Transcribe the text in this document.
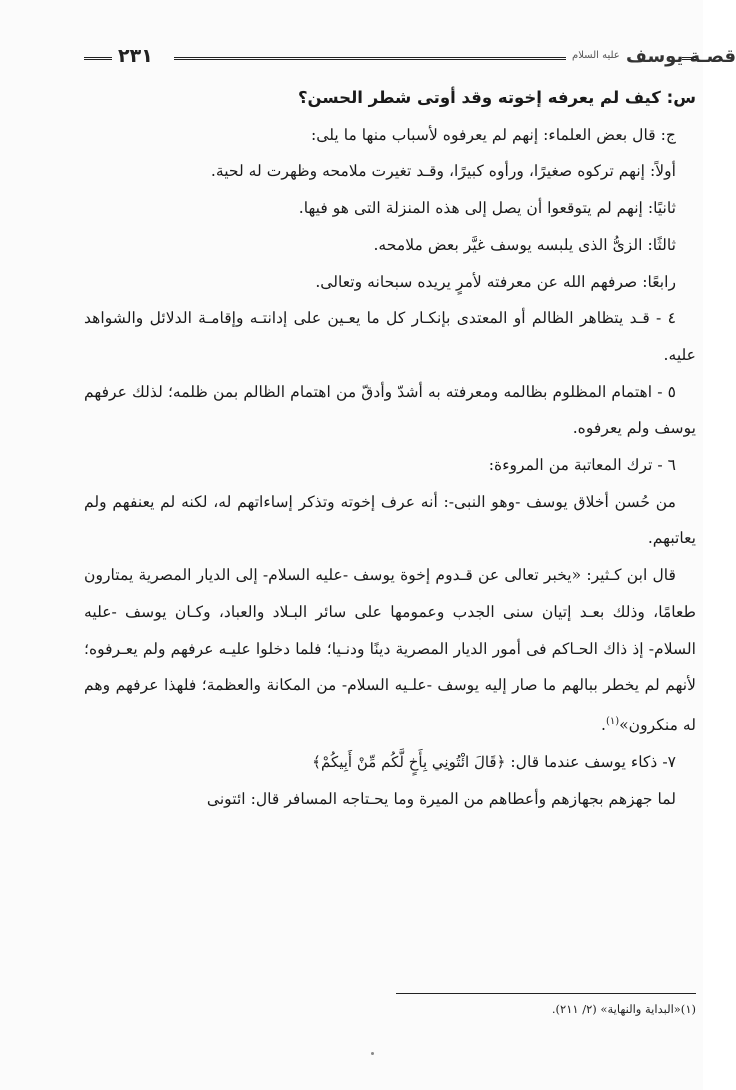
٢٣١	قصـة يوسف $^{عليه السلام}$

س: كيف لم يعرفه إخوته وقد أوتى شطر الحسن؟

ج: قال بعض العلماء: إنهم لم يعرفوه لأسباب منها ما يلى:

أولاً: إنهم تركوه صغيرًا، ورأوه كبيرًا، وقـد تغيرت ملامحه وظهرت له لحية.

ثانيًا: إنهم لم يتوقعوا أن يصل إلى هذه المنزلة التى هو فيها.

ثالثًا: الزىُّ الذى يلبسه يوسف غيَّر بعض ملامحه.

رابعًا: صرفهم الله عن معرفته لأمرٍ يريده سبحانه وتعالى.

٤ - قـد يتظاهر الظالم أو المعتدى بإنكـار كل ما يعـين على إدانتـه وإقامـة الدلائل والشواهد عليه.

٥ - اهتمام المظلوم بظالمه ومعرفته به أشدّ وأدقّ من اهتمام الظالم بمن ظلمه؛ لذلك عرفهم يوسف ولم يعرفوه.

٦ - ترك المعاتبة من المروءة:

من حُسن أخلاق يوسف -وهو النبى-: أنه عرف إخوته وتذكر إساءاتهم له، لكنه لم يعنفهم ولم يعاتبهم.

قال ابن كـثير: «يخبر تعالى عن قـدوم إخوة يوسف -عليه السلام- إلى الديار المصرية يمتارون طعامًا، وذلك بعـد إتيان سنى الجدب وعمومها على سائر البـلاد والعباد، وكـان يوسف -عليه السلام- إذ ذاك الحـاكم فى أمور الديار المصرية دينًا ودنـيا؛ فلما دخلوا عليـه عرفهم ولم يعـرفوه؛ لأنهم لم يخطر ببالهم ما صار إليه يوسف -علـيه السلام- من المكانة والعظمة؛ فلهذا عرفهم وهم له منكرون»$^{(١)}$.

٧- ذكاء يوسف عندما قال: ﴿قَالَ ائْتُونِي بِأَخٍ لَّكُم مِّنْ أَبِيكُمْ﴾

لما جهزهم بجهازهم وأعطاهم من الميرة وما يحـتاجه المسافر قال: ائتونى

(١)«البداية والنهاية» (٢/ ٢١١).
